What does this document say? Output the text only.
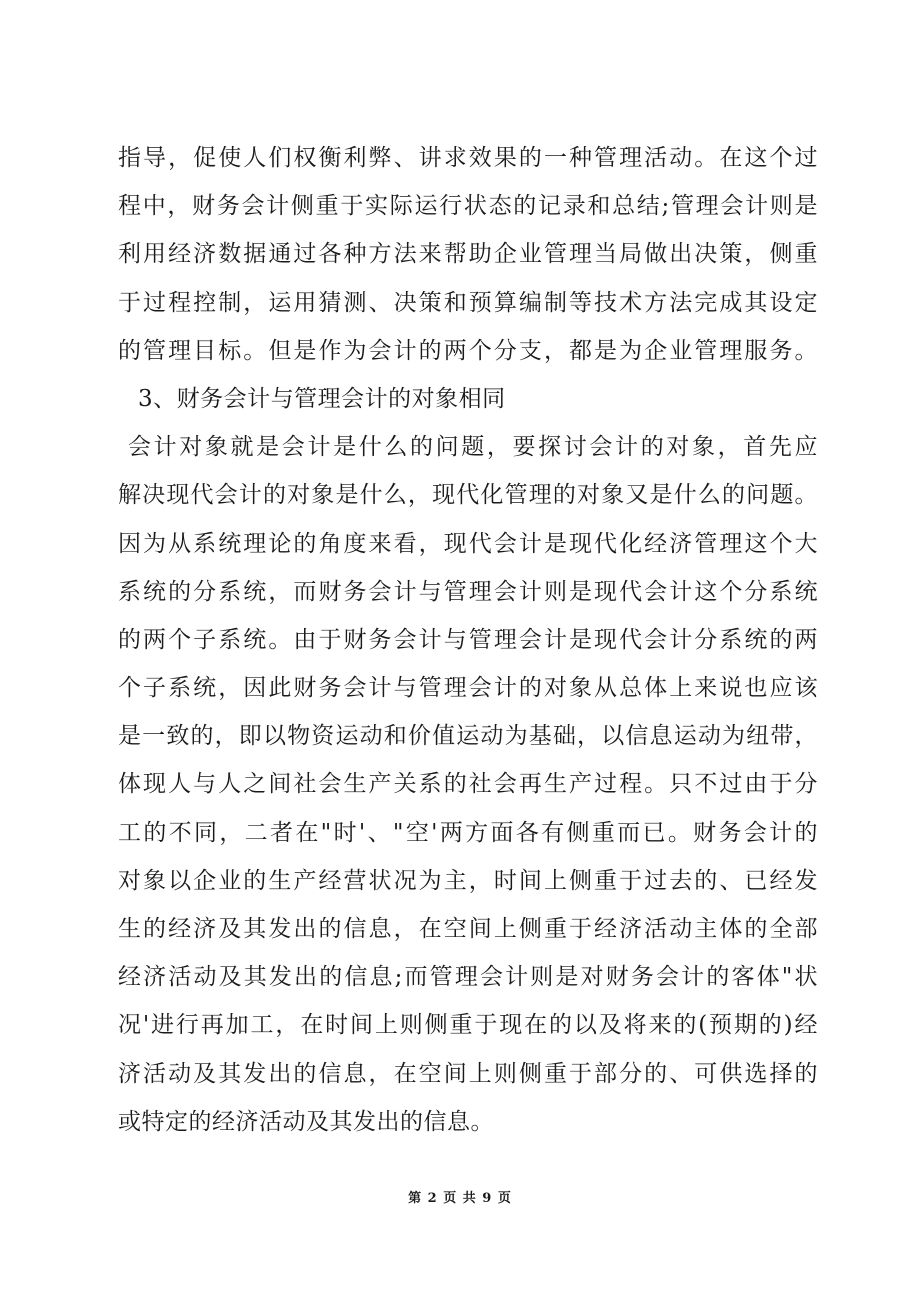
指导，促使人们权衡利弊、讲求效果的一种管理活动。在这个过
程中，财务会计侧重于实际运行状态的记录和总结;管理会计则是
利用经济数据通过各种方法来帮助企业管理当局做出决策，侧重
于过程控制，运用猜测、决策和预算编制等技术方法完成其设定
的管理目标。但是作为会计的两个分支，都是为企业管理服务。
3、财务会计与管理会计的对象相同
会计对象就是会计是什么的问题，要探讨会计的对象，首先应
解决现代会计的对象是什么，现代化管理的对象又是什么的问题。
因为从系统理论的角度来看，现代会计是现代化经济管理这个大
系统的分系统，而财务会计与管理会计则是现代会计这个分系统
的两个子系统。由于财务会计与管理会计是现代会计分系统的两
个子系统，因此财务会计与管理会计的对象从总体上来说也应该
是一致的，即以物资运动和价值运动为基础，以信息运动为纽带，
体现人与人之间社会生产关系的社会再生产过程。只不过由于分
工的不同，二者在"时'、"空'两方面各有侧重而已。财务会计的
对象以企业的生产经营状况为主，时间上侧重于过去的、已经发
生的经济及其发出的信息，在空间上侧重于经济活动主体的全部
经济活动及其发出的信息;而管理会计则是对财务会计的客体"状
况'进行再加工，在时间上则侧重于现在的以及将来的(预期的)经
济活动及其发出的信息，在空间上则侧重于部分的、可供选择的
或特定的经济活动及其发出的信息。
第 2 页 共 9 页
